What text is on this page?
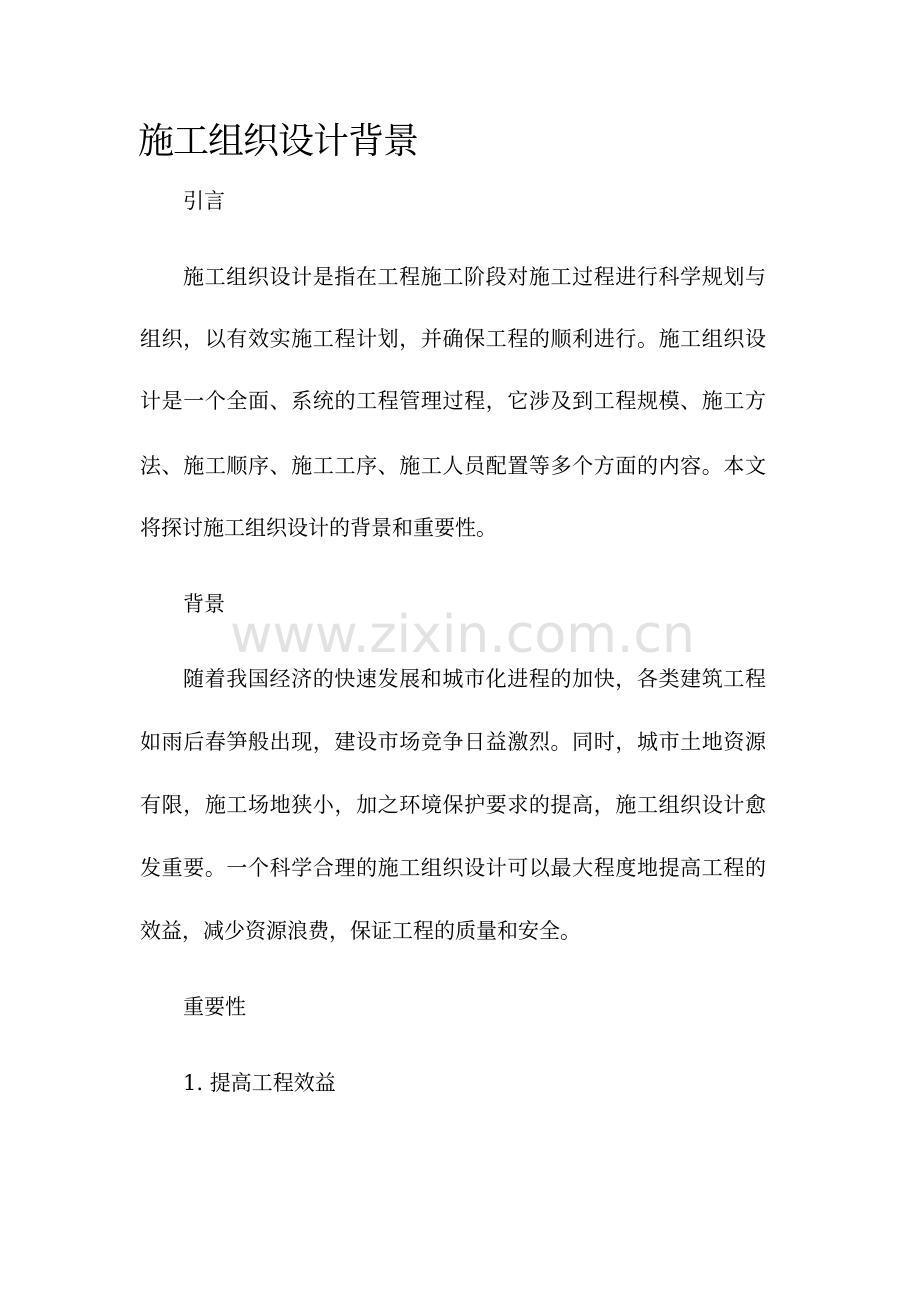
施工组织设计背景

引言

施工组织设计是指在工程施工阶段对施工过程进行科学规划与

组织，以有效实施工程计划，并确保工程的顺利进行。施工组织设

计是一个全面、系统的工程管理过程，它涉及到工程规模、施工方

法、施工顺序、施工工序、施工人员配置等多个方面的内容。本文

将探讨施工组织设计的背景和重要性。

背景

随着我国经济的快速发展和城市化进程的加快，各类建筑工程

如雨后春笋般出现，建设市场竞争日益激烈。同时，城市土地资源

有限，施工场地狭小，加之环境保护要求的提高，施工组织设计愈

发重要。一个科学合理的施工组织设计可以最大程度地提高工程的

效益，减少资源浪费，保证工程的质量和安全。

重要性

1. 提高工程效益

www.zixin.com.cn
